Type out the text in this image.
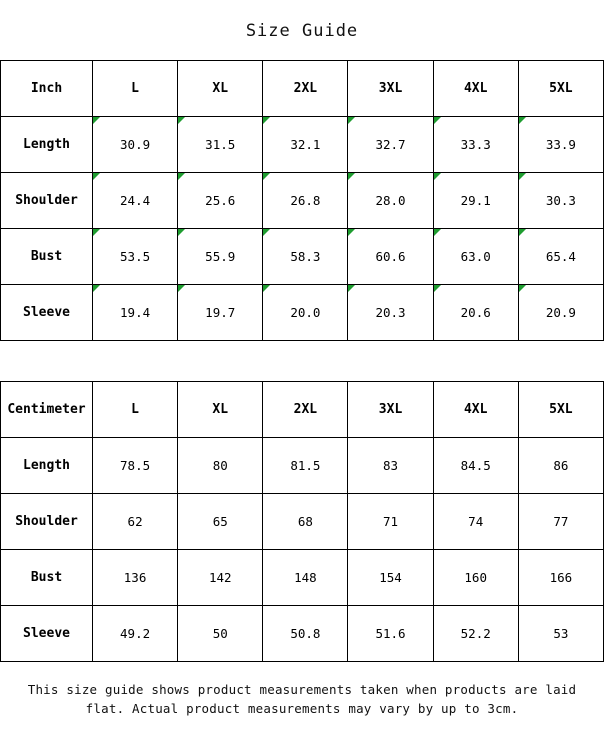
Size Guide
Inch	L	XL	2XL	3XL	4XL	5XL
Length	30.9	31.5	32.1	32.7	33.3	33.9
Shoulder	24.4	25.6	26.8	28.0	29.1	30.3
Bust	53.5	55.9	58.3	60.6	63.0	65.4
Sleeve	19.4	19.7	20.0	20.3	20.6	20.9
Centimeter	L	XL	2XL	3XL	4XL	5XL
Length	78.5	80	81.5	83	84.5	86
Shoulder	62	65	68	71	74	77
Bust	136	142	148	154	160	166
Sleeve	49.2	50	50.8	51.6	52.2	53
This size guide shows product measurements taken when products are laid flat. Actual product measurements may vary by up to 3cm.
